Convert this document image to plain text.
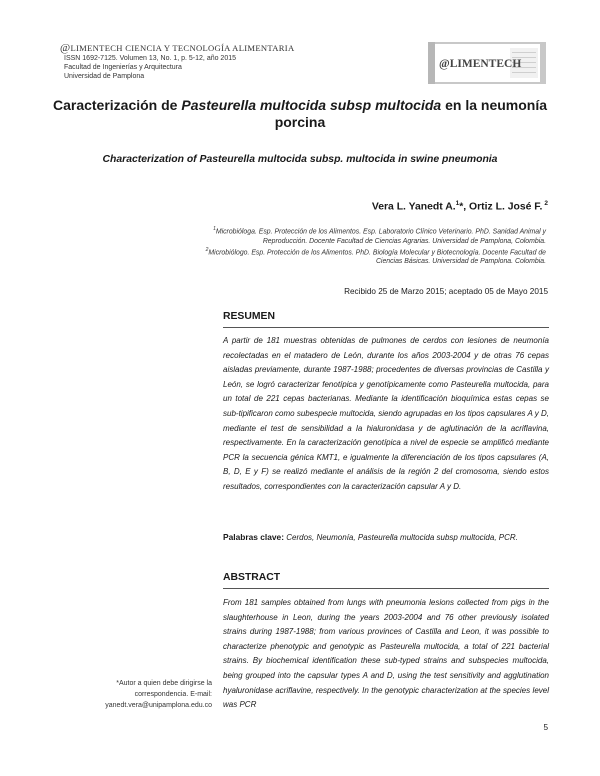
@LIMENTECH CIENCIA Y TECNOLOGÍA ALIMENTARIA
ISSN 1692-7125. Volumen 13, No. 1, p. 5-12, año 2015
Facultad de Ingenierías y Arquitectura
Universidad de Pamplona
@LIMENTECH
Caracterización de Pasteurella multocida subsp multocida en la neumonía porcina
Characterization of Pasteurella multocida subsp. multocida in swine pneumonia
Vera L. Yanedt A.$^1$*, Ortiz L. José F. $^2$
$^1$Microbióloga. Esp. Protección de los Alimentos. Esp. Laboratorio Clínico Veterinario. PhD. Sanidad Animal y Reproducción. Docente Facultad de Ciencias Agrarias. Universidad de Pamplona, Colombia.
$^2$Microbiólogo. Esp. Protección de los Alimentos. PhD. Biología Molecular y Biotecnología. Docente Facultad de Ciencias Básicas. Universidad de Pamplona. Colombia.
Recibido 25 de Marzo 2015; aceptado 05 de Mayo 2015
RESUMEN
A partir de 181 muestras obtenidas de pulmones de cerdos con lesiones de neumonía recolectadas en el matadero de León, durante los años 2003-2004 y de otras 76 cepas aisladas previamente, durante 1987-1988; procedentes de diversas provincias de Castilla y León, se logró caracterizar fenotípica y genotípicamente como Pasteurella multocida, para un total de 221 cepas bacterianas. Mediante la identificación bioquímica estas cepas se sub-tipificaron como subespecie multocida, siendo agrupadas en los tipos capsulares A y D, mediante el test de sensibilidad a la hialuronidasa y de aglutinación de la acriflavina, respectivamente. En la caracterización genotípica a nivel de especie se amplificó mediante PCR la secuencia génica KMT1, e igualmente la diferenciación de los tipos capsulares (A, B, D, E y F) se realizó mediante el análisis de la región 2 del cromosoma, siendo estos resultados, correspondientes con la caracterización capsular A y D.
Palabras clave: Cerdos, Neumonía, Pasteurella multocida subsp multocida, PCR.
ABSTRACT
From 181 samples obtained from lungs with pneumonia lesions collected from pigs in the slaughterhouse in Leon, during the years 2003-2004 and 76 other previously isolated strains during 1987-1988; from various provinces of Castilla and Leon, it was possible to characterize phenotypic and genotypic as Pasteurella multocida, a total of 221 bacterial strains. By biochemical identification these sub-typed strains and subspecies multocida, being grouped into the capsular types A and D, using the test sensitivity and agglutination hyaluronidase acriflavine, respectively. In the genotypic characterization at the species level was PCR
*Autor a quien debe dirigirse la correspondencia. E-mail:
yanedt.vera@unipamplona.edu.co
5
